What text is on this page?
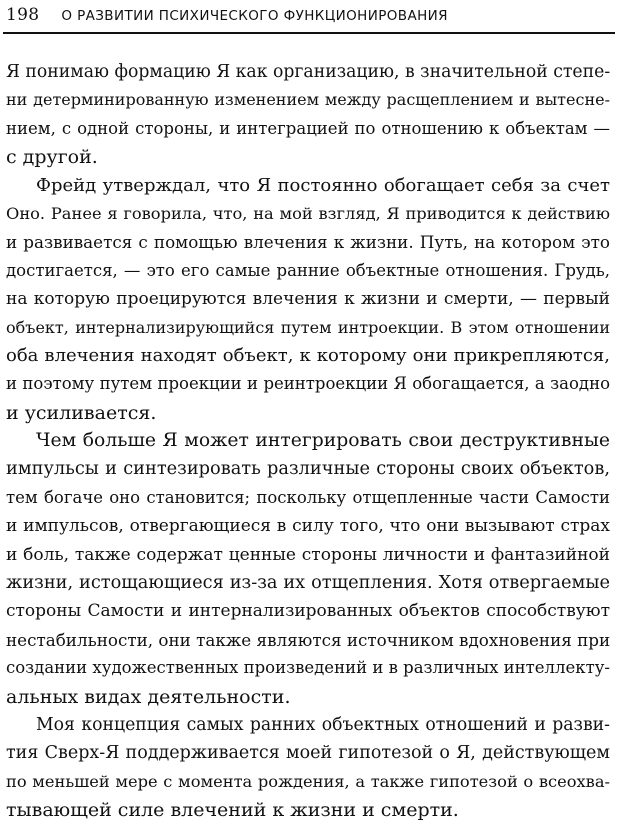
198 О РАЗВИТИИ ПСИХИЧЕСКОГО ФУНКЦИОНИРОВАНИЯ
Я понимаю формацию Я как организацию, в значительной степе-
ни детерминированную изменением между расщеплением и вытесне-
нием, с одной стороны, и интеграцией по отношению к объектам —
с другой.
Фрейд утверждал, что Я постоянно обогащает себя за счет
Оно. Ранее я говорила, что, на мой взгляд, Я приводится к действию
и развивается с помощью влечения к жизни. Путь, на котором это
достигается, — это его самые ранние объектные отношения. Грудь,
на которую проецируются влечения к жизни и смерти, — первый
объект, интернализирующийся путем интроекции. В этом отношении
оба влечения находят объект, к которому они прикрепляются,
и поэтому путем проекции и реинтроекции Я обогащается, а заодно
и усиливается.
Чем больше Я может интегрировать свои деструктивные
импульсы и синтезировать различные стороны своих объектов,
тем богаче оно становится; поскольку отщепленные части Самости
и импульсов, отвергающиеся в силу того, что они вызывают страх
и боль, также содержат ценные стороны личности и фантазийной
жизни, истощающиеся из-за их отщепления. Хотя отвергаемые
стороны Самости и интернализированных объектов способствуют
нестабильности, они также являются источником вдохновения при
создании художественных произведений и в различных интеллекту-
альных видах деятельности.
Моя концепция самых ранних объектных отношений и разви-
тия Сверх-Я поддерживается моей гипотезой о Я, действующем
по меньшей мере с момента рождения, а также гипотезой о всеохва-
тывающей силе влечений к жизни и смерти.
